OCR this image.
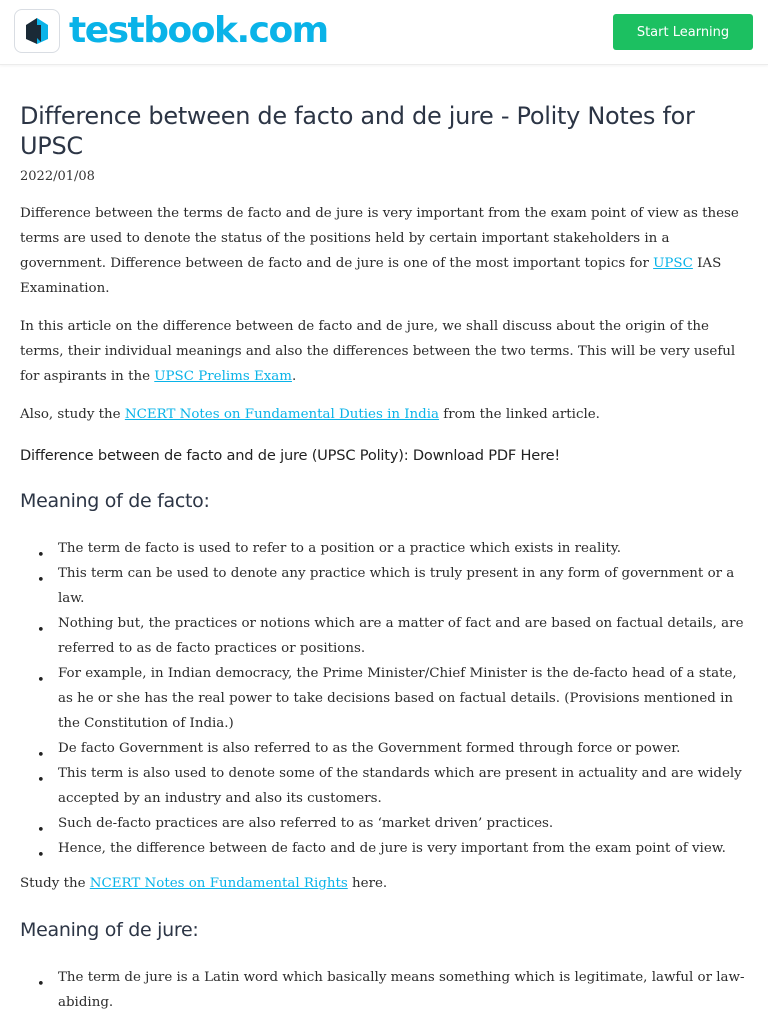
testbook.com	Start Learning
Difference between de facto and de jure - Polity Notes for UPSC
2022/01/08

Difference between the terms de facto and de jure is very important from the exam point of view as these terms are used to denote the status of the positions held by certain important stakeholders in a government. Difference between de facto and de jure is one of the most important topics for UPSC IAS Examination.

In this article on the difference between de facto and de jure, we shall discuss about the origin of the terms, their individual meanings and also the differences between the two terms. This will be very useful for aspirants in the UPSC Prelims Exam.

Also, study the NCERT Notes on Fundamental Duties in India from the linked article.

Difference between de facto and de jure (UPSC Polity): Download PDF Here!
Meaning of de facto:
• The term de facto is used to refer to a position or a practice which exists in reality.
• This term can be used to denote any practice which is truly present in any form of government or a law.
• Nothing but, the practices or notions which are a matter of fact and are based on factual details, are referred to as de facto practices or positions.
• For example, in Indian democracy, the Prime Minister/Chief Minister is the de-facto head of a state, as he or she has the real power to take decisions based on factual details. (Provisions mentioned in the Constitution of India.)
• De facto Government is also referred to as the Government formed through force or power.
• This term is also used to denote some of the standards which are present in actuality and are widely accepted by an industry and also its customers.
• Such de-facto practices are also referred to as ‘market driven’ practices.
• Hence, the difference between de facto and de jure is very important from the exam point of view.

Study the NCERT Notes on Fundamental Rights here.

Meaning of de jure:
• The term de jure is a Latin word which basically means something which is legitimate, lawful or law-abiding.
